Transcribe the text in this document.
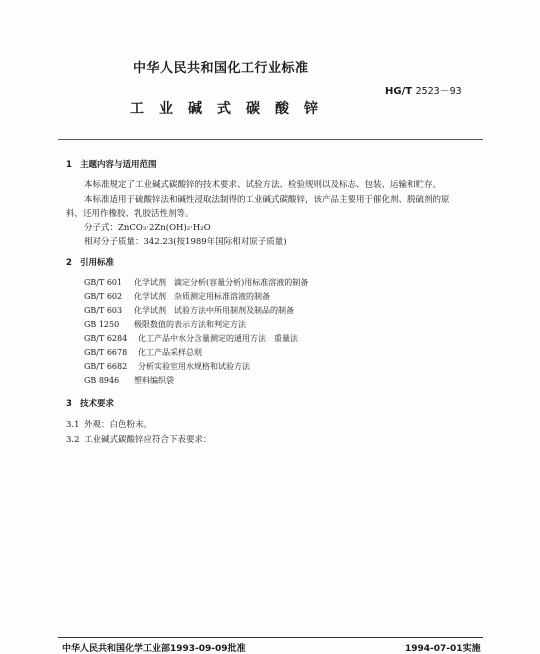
中华人民共和国化工行业标准
HG/T 2523－93
工业碱式碳酸锌
1 主题内容与适用范围
本标准规定了工业碱式碳酸锌的技术要求、试验方法、检验规则以及标志、包装、运输和贮存。
本标准适用于硫酸锌法和碱性浸取法制得的工业碱式碳酸锌，该产品主要用于催化剂、脱硫剂的原
料，还用作橡胶、乳胶活性剂等。
分子式：ZnCO₃·2Zn(OH)₂·H₂O
相对分子质量：342.23(按1989年国际相对原子质量)
2 引用标准
GB/T 601 化学试剂　滴定分析(容量分析)用标准溶液的制备
GB/T 602 化学试剂　杂质测定用标准溶液的制备
GB/T 603 化学试剂　试验方法中所用制剂及制品的制备
GB 1250 极限数值的表示方法和判定方法
GB/T 6284 化工产品中水分含量测定的通用方法　重量法
GB/T 6678 化工产品采样总则
GB/T 6682 分析实验室用水规格和试验方法
GB 8946 塑料编织袋
3 技术要求
3.1 外观：白色粉末。
3.2 工业碱式碳酸锌应符合下表要求：
中华人民共和国化学工业部1993-09-09批准	1994-07-01实施
